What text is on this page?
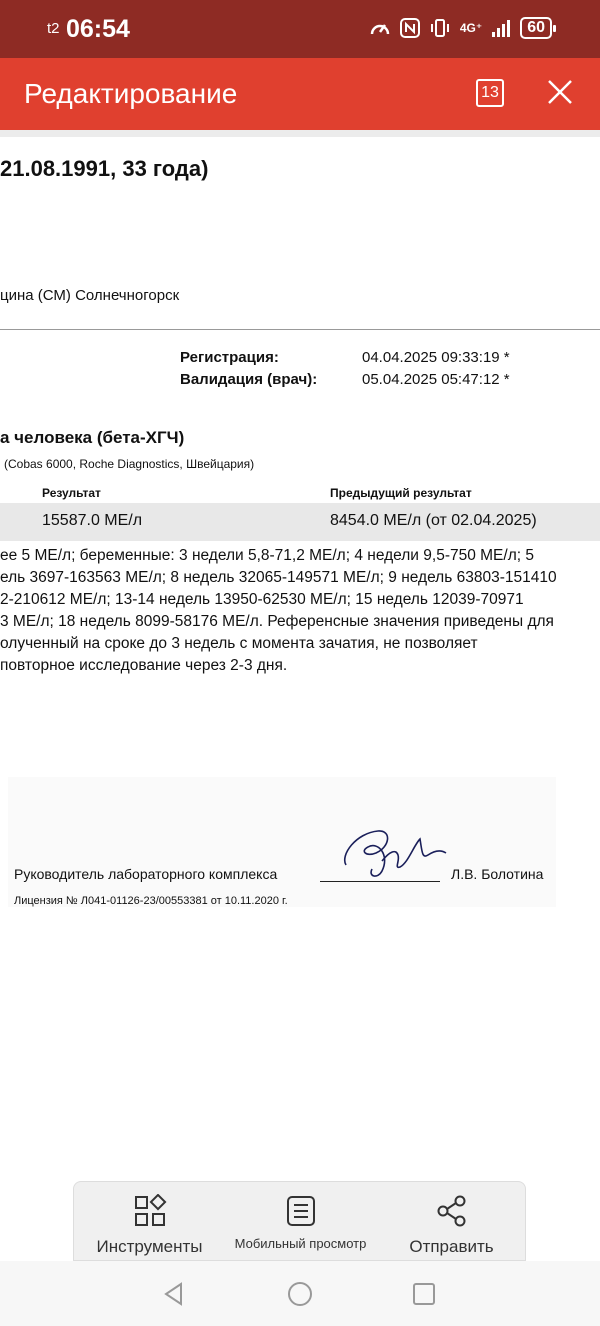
t2 06:54	4G⁺	60
Редактирование	13
21.08.1991, 33 года)
цина (СМ) Солнечногорск
Регистрация:	04.04.2025 09:33:19 *
Валидация (врач):	05.04.2025 05:47:12 *
а человека (бета-ХГЧ)
(Cobas 6000, Roche Diagnostics, Швейцария)
Результат	Предыдущий результат
15587.0 МЕ/л	8454.0 МЕ/л (от 02.04.2025)
ее 5 МЕ/л; беременные: 3 недели 5,8-71,2 МЕ/л; 4 недели 9,5-750 МЕ/л; 5
ель 3697-163563 МЕ/л; 8 недель 32065-149571 МЕ/л; 9 недель 63803-151410
2-210612 МЕ/л; 13-14 недель 13950-62530 МЕ/л; 15 недель 12039-70971
3 МЕ/л; 18 недель 8099-58176 МЕ/л. Референсные значения приведены для
олученный на сроке до 3 недель с момента зачатия, не позволяет
повторное исследование через 2-3 дня.
Руководитель лабораторного комплекса	Л.В. Болотина
Лицензия № Л041-01126-23/00553381 от 10.11.2020 г.
Инструменты	Мобильный просмотр	Отправить
